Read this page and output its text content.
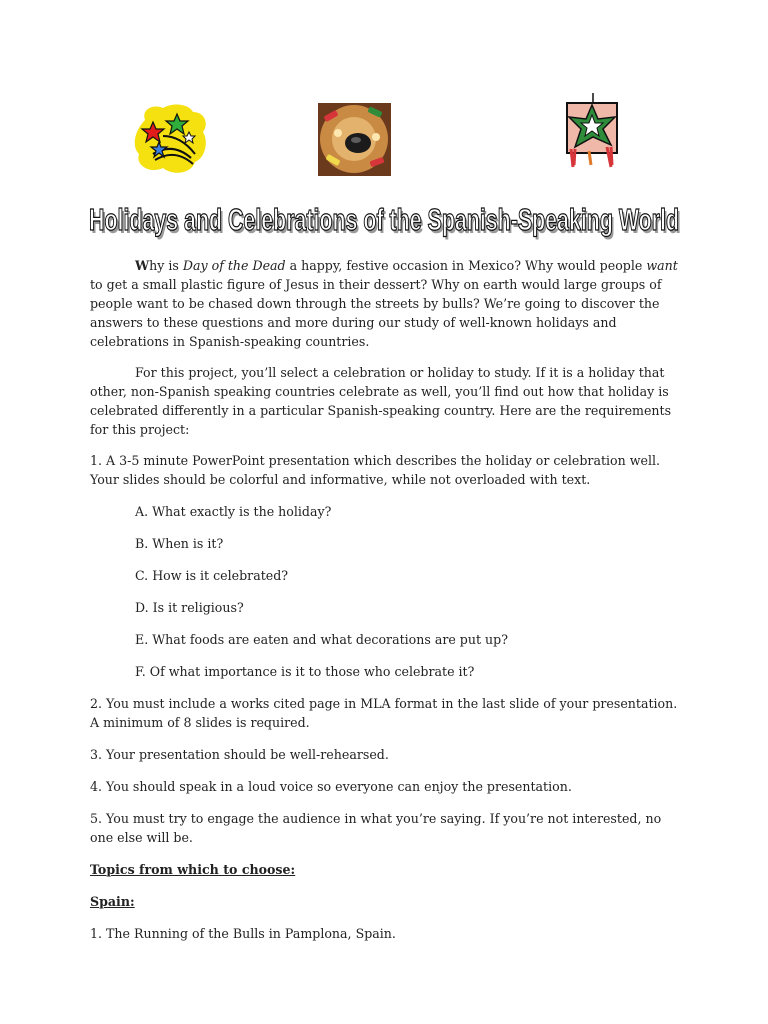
Holidays and Celebrations of the Spanish-Speaking World
Holidays and Celebrations of the Spanish-Speaking World

Why is Day of the Dead a happy, festive occasion in Mexico? Why would people want to get a small plastic figure of Jesus in their dessert? Why on earth would large groups of people want to be chased down through the streets by bulls? We’re going to discover the answers to these questions and more during our study of well-known holidays and celebrations in Spanish-speaking countries.

For this project, you’ll select a celebration or holiday to study. If it is a holiday that other, non-Spanish speaking countries celebrate as well, you’ll find out how that holiday is celebrated differently in a particular Spanish-speaking country. Here are the requirements for this project:

1. A 3-5 minute PowerPoint presentation which describes the holiday or celebration well. Your slides should be colorful and informative, while not overloaded with text.

A. What exactly is the holiday?

B. When is it?

C. How is it celebrated?

D. Is it religious?

E. What foods are eaten and what decorations are put up?

F. Of what importance is it to those who celebrate it?

2. You must include a works cited page in MLA format in the last slide of your presentation. A minimum of 8 slides is required.

3. Your presentation should be well-rehearsed.

4. You should speak in a loud voice so everyone can enjoy the presentation.

5. You must try to engage the audience in what you’re saying. If you’re not interested, no one else will be.

Topics from which to choose:

Spain:

1. The Running of the Bulls in Pamplona, Spain.
